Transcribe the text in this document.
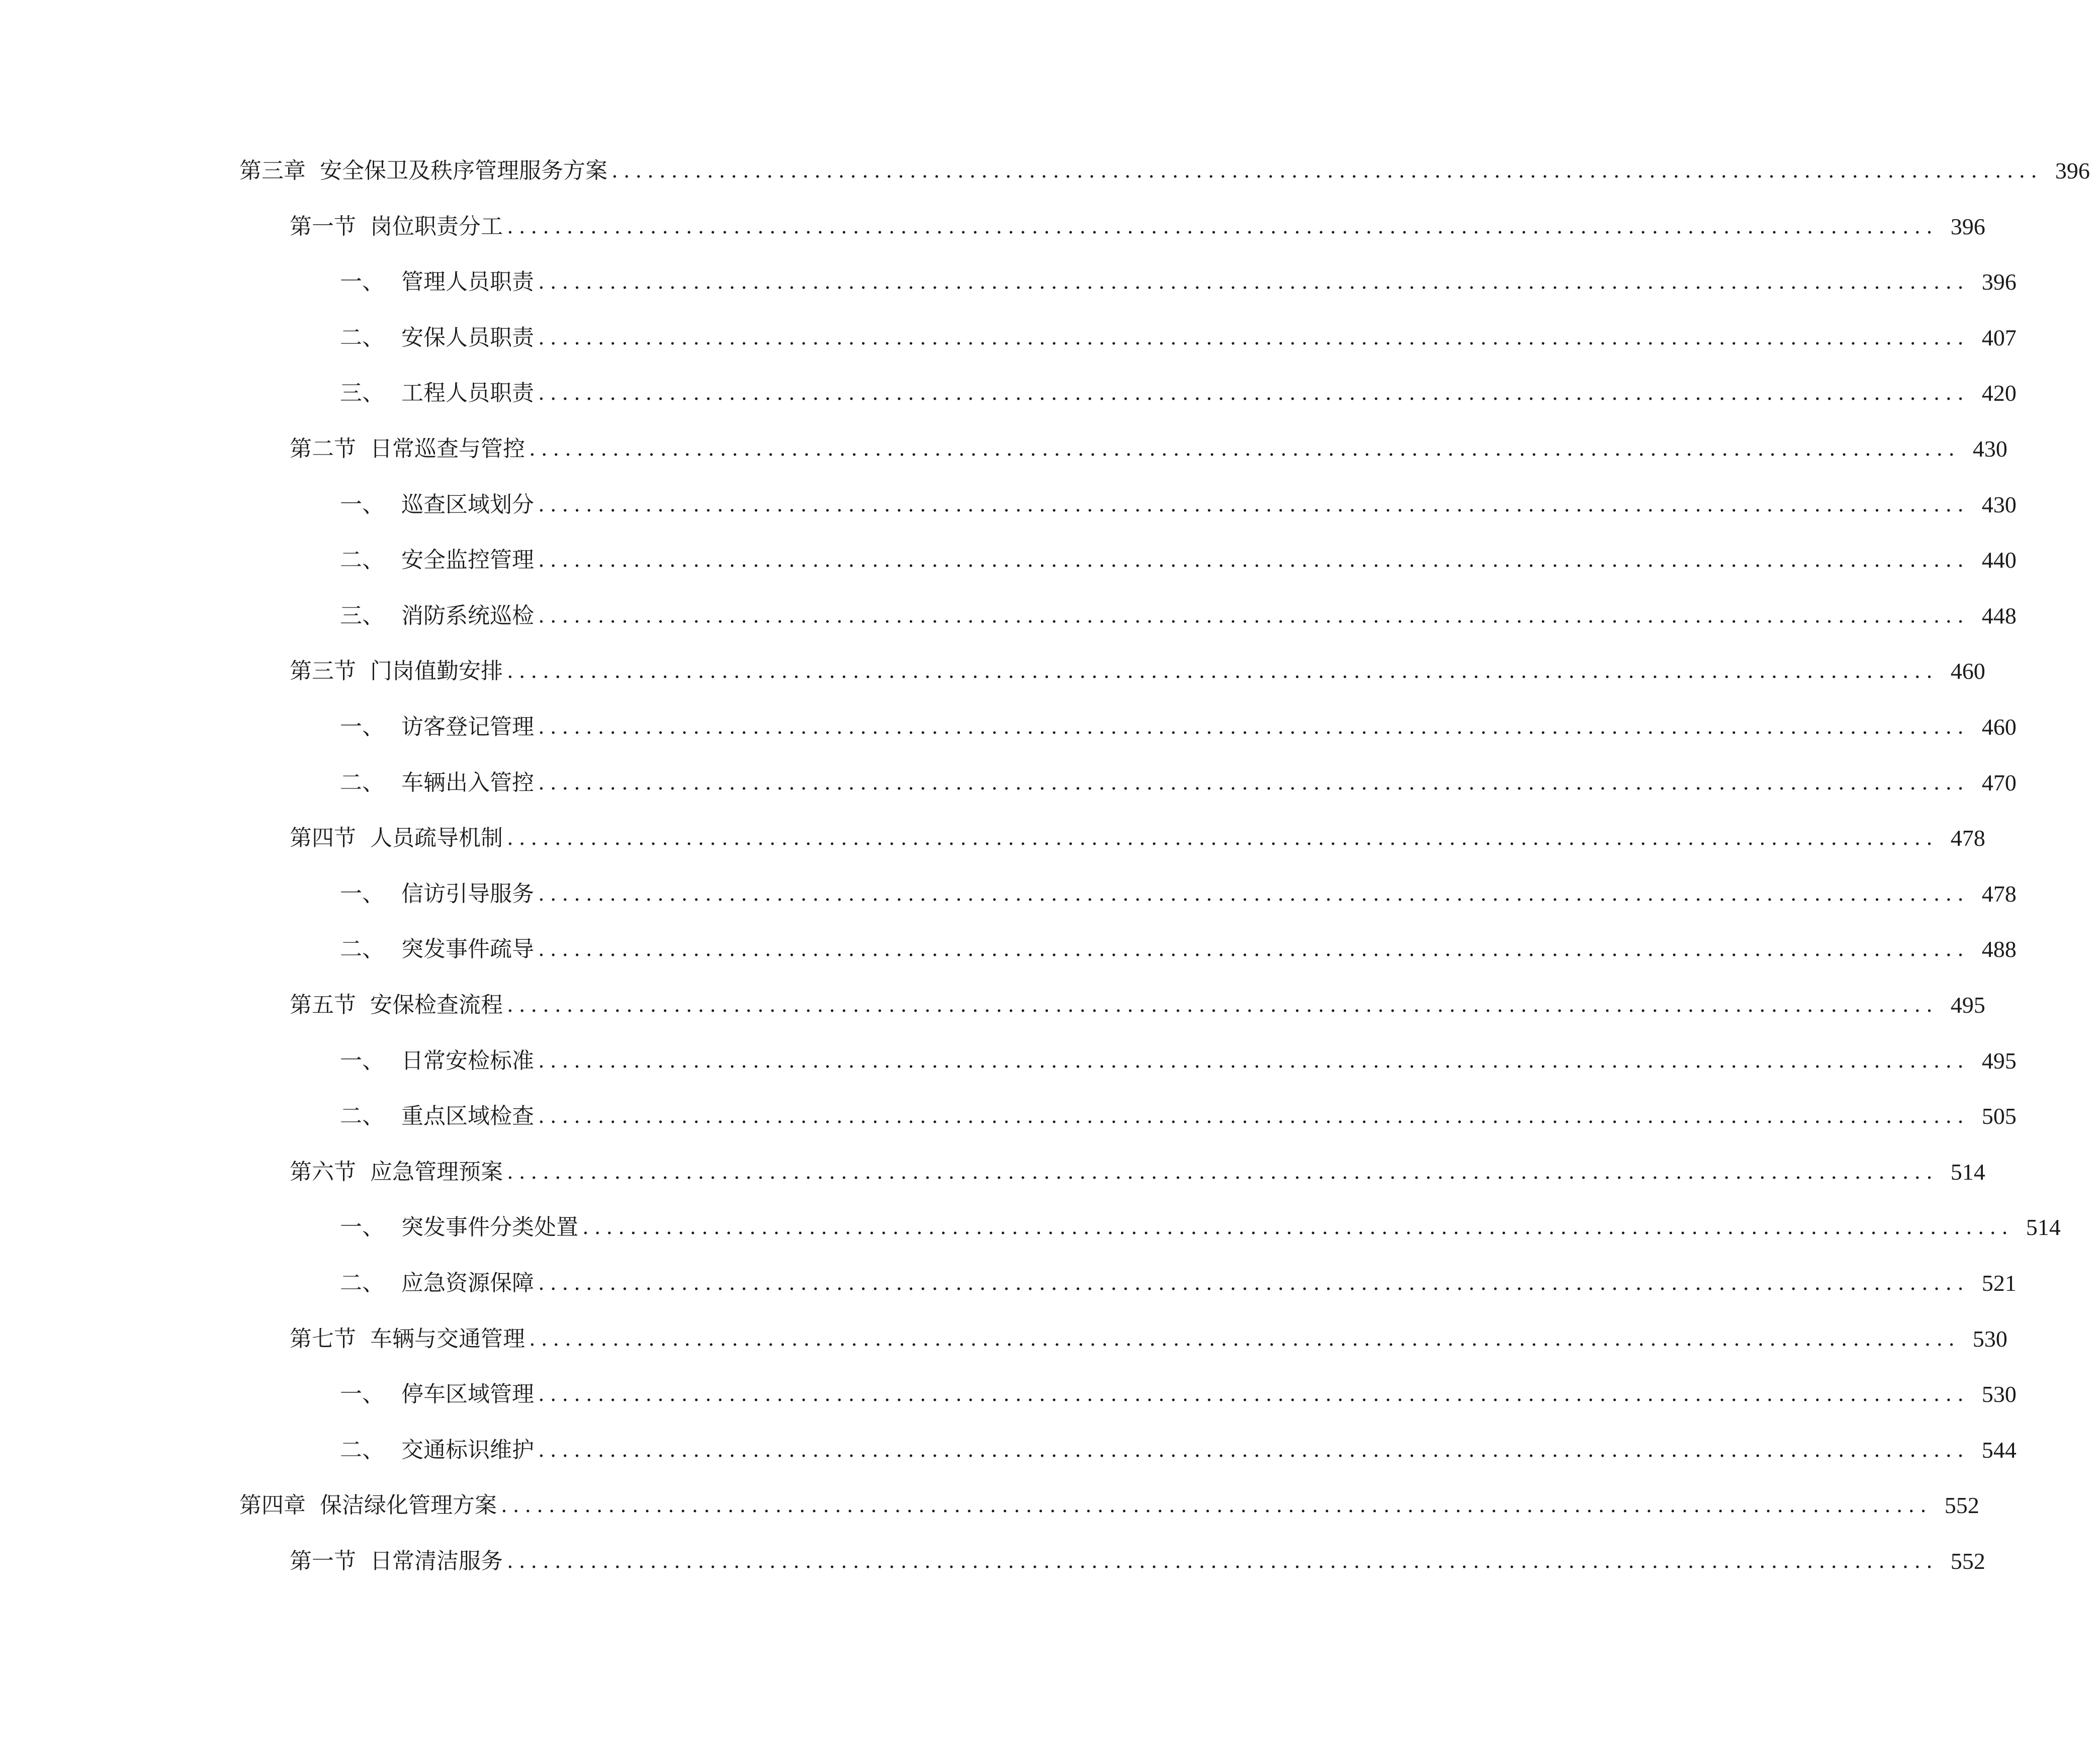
第三章 安全保卫及秩序管理服务方案 ........................................................................................................................ 396
第一节 岗位职责分工 ........................................................................................................................ 396
一、 管理人员职责 ........................................................................................................................ 396
二、 安保人员职责 ........................................................................................................................ 407
三、 工程人员职责 ........................................................................................................................ 420
第二节 日常巡查与管控 ........................................................................................................................ 430
一、 巡查区域划分 ........................................................................................................................ 430
二、 安全监控管理 ........................................................................................................................ 440
三、 消防系统巡检 ........................................................................................................................ 448
第三节 门岗值勤安排 ........................................................................................................................ 460
一、 访客登记管理 ........................................................................................................................ 460
二、 车辆出入管控 ........................................................................................................................ 470
第四节 人员疏导机制 ........................................................................................................................ 478
一、 信访引导服务 ........................................................................................................................ 478
二、 突发事件疏导 ........................................................................................................................ 488
第五节 安保检查流程 ........................................................................................................................ 495
一、 日常安检标准 ........................................................................................................................ 495
二、 重点区域检查 ........................................................................................................................ 505
第六节 应急管理预案 ........................................................................................................................ 514
一、 突发事件分类处置 ........................................................................................................................ 514
二、 应急资源保障 ........................................................................................................................ 521
第七节 车辆与交通管理 ........................................................................................................................ 530
一、 停车区域管理 ........................................................................................................................ 530
二、 交通标识维护 ........................................................................................................................ 544
第四章 保洁绿化管理方案 ........................................................................................................................ 552
第一节 日常清洁服务 ........................................................................................................................ 552
